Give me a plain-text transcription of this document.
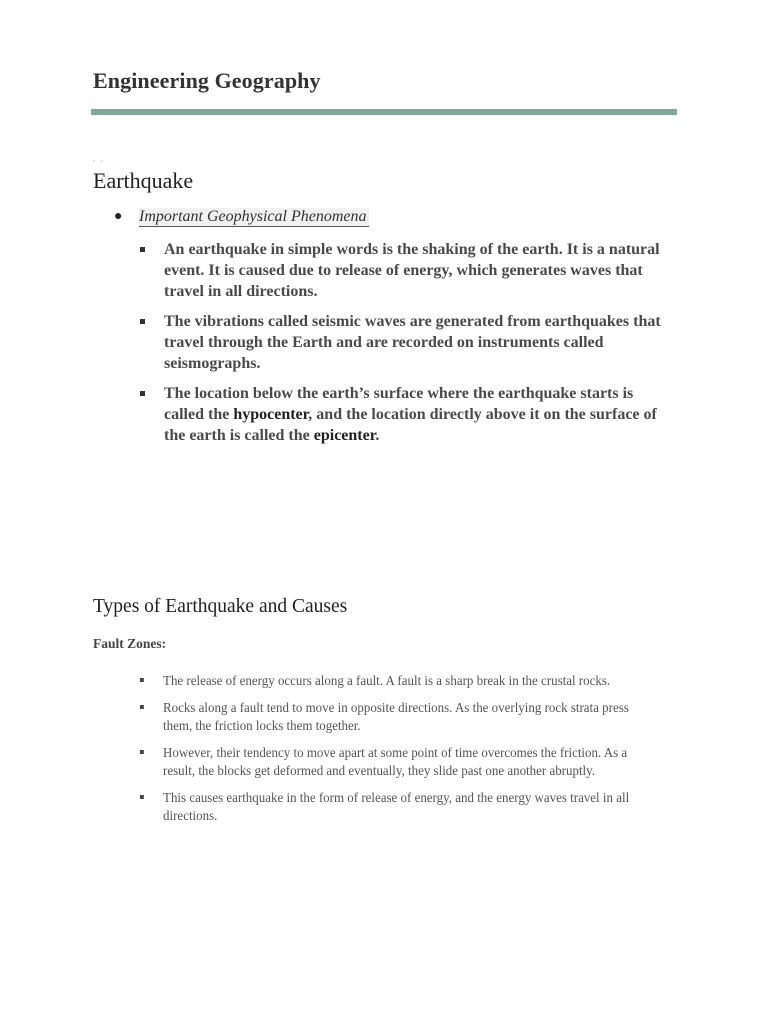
Engineering Geography
▫ ▫
Earthquake
● Important Geophysical Phenomena
An earthquake in simple words is the shaking of the earth. It is a natural event. It is caused due to release of energy, which generates waves that travel in all directions.
The vibrations called seismic waves are generated from earthquakes that travel through the Earth and are recorded on instruments called seismographs.
The location below the earth’s surface where the earthquake starts is called the hypocenter, and the location directly above it on the surface of the earth is called the epicenter.
Types of Earthquake and Causes
Fault Zones:
The release of energy occurs along a fault. A fault is a sharp break in the crustal rocks.
Rocks along a fault tend to move in opposite directions. As the overlying rock strata press them, the friction locks them together.
However, their tendency to move apart at some point of time overcomes the friction. As a result, the blocks get deformed and eventually, they slide past one another abruptly.
This causes earthquake in the form of release of energy, and the energy waves travel in all directions.
